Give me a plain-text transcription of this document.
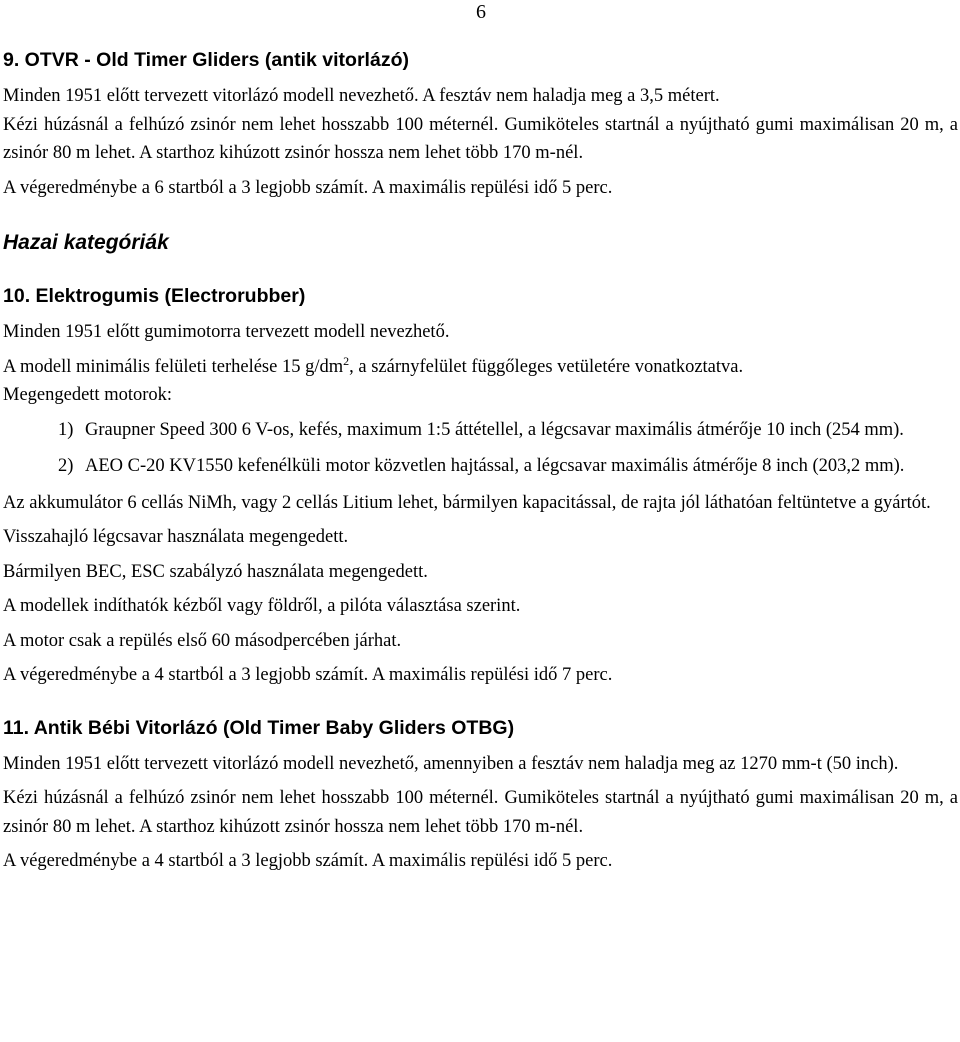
6
9. OTVR - Old Timer Gliders (antik vitorlázó)

Minden 1951 előtt tervezett vitorlázó modell nevezhető. A fesztáv nem haladja meg a 3,5 métert.

Kézi húzásnál a felhúzó zsinór nem lehet hosszabb 100 méternél. Gumiköteles startnál a nyújtható gumi maximálisan 20 m, a zsinór 80 m lehet. A starthoz kihúzott zsinór hossza nem lehet több 170 m-nél.

A végeredménybe a 6 startból a 3 legjobb számít. A maximális repülési idő 5 perc.

Hazai kategóriák
10. Elektrogumis (Electrorubber)

Minden 1951 előtt gumimotorra tervezett modell nevezhető.

A modell minimális felületi terhelése 15 $g/dm^2$, a szárnyfelület függőleges vetületére vonatkoztatva.

Megengedett motorok:

1) Graupner Speed 300 6 V-os, kefés, maximum 1:5 áttétellel, a légcsavar maximális átmérője 10 inch (254 mm).
2) AEO C-20 KV1550 kefenélküli motor közvetlen hajtással, a légcsavar maximális átmérője 8 inch (203,2 mm).

Az akkumulátor 6 cellás NiMh, vagy 2 cellás Litium lehet, bármilyen kapacitással, de rajta jól láthatóan feltüntetve a gyártót.

Visszahajló légcsavar használata megengedett.

Bármilyen BEC, ESC szabályzó használata megengedett.

A modellek indíthatók kézből vagy földről, a pilóta választása szerint.

A motor csak a repülés első 60 másodpercében járhat.

A végeredménybe a 4 startból a 3 legjobb számít. A maximális repülési idő 7 perc.

11. Antik Bébi Vitorlázó (Old Timer Baby Gliders OTBG)

Minden 1951 előtt tervezett vitorlázó modell nevezhető, amennyiben a fesztáv nem haladja meg az 1270 mm-t (50 inch).

Kézi húzásnál a felhúzó zsinór nem lehet hosszabb 100 méternél. Gumiköteles startnál a nyújtható gumi maximálisan 20 m, a zsinór 80 m lehet. A starthoz kihúzott zsinór hossza nem lehet több 170 m-nél.

A végeredménybe a 4 startból a 3 legjobb számít. A maximális repülési idő 5 perc.
